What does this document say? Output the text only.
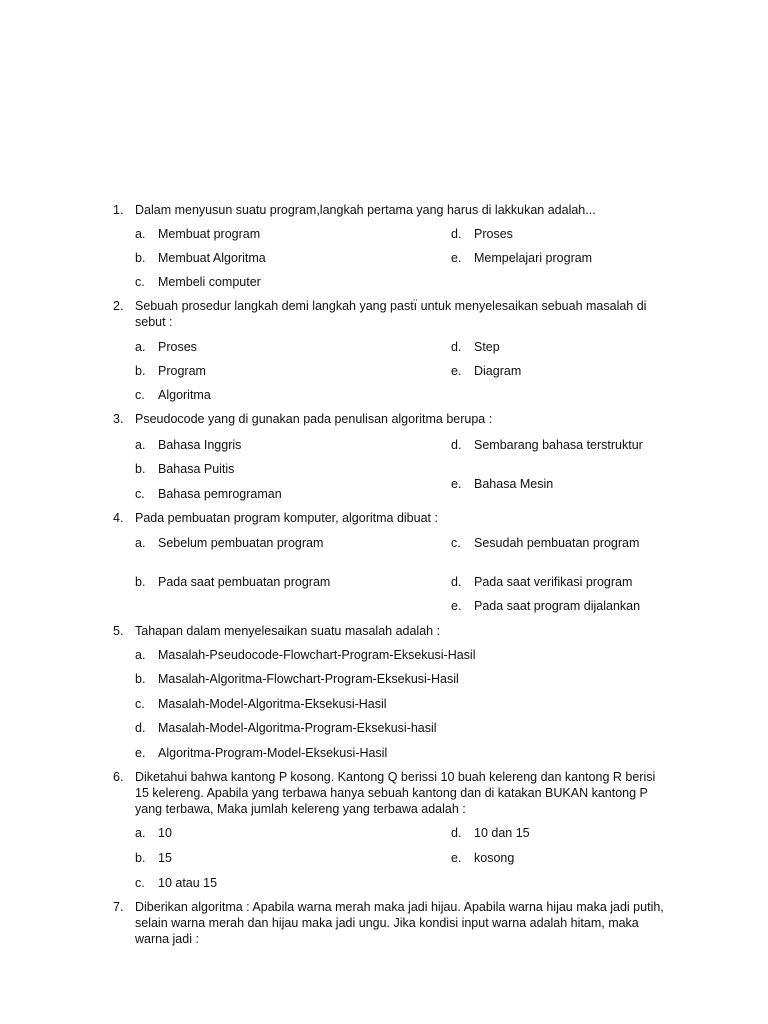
1. Dalam menyusun suatu program,langkah pertama yang harus di lakkukan adalah...
a.	Membuat program
b.	Membuat Algoritma
c.	Membeli computer
d.	Proses
e.	Mempelajari program
2. Sebuah prosedur langkah demi langkah yang pastı̈ untuk menyelesaikan sebuah masalah di sebut :
a.	Proses
b.	Program
c.	Algoritma
d.	Step
e.	Diagram
3. Pseudocode yang di gunakan pada penulisan algoritma berupa :
a.	Bahasa Inggris
b.	Bahasa Puitis
c.	Bahasa pemrograman
d.	Sembarang bahasa terstruktur
e.	Bahasa Mesin
4. Pada pembuatan program komputer, algoritma dibuat :
a.	Sebelum pembuatan program
b.	Pada saat pembuatan program
c.	Sesudah pembuatan program
d.	Pada saat verifikasi program
e.	Pada saat program dijalankan
5. Tahapan dalam menyelesaikan suatu masalah adalah :
a.	Masalah-Pseudocode-Flowchart-Program-Eksekusi-Hasil
b.	Masalah-Algoritma-Flowchart-Program-Eksekusi-Hasil
c.	Masalah-Model-Algoritma-Eksekusi-Hasil
d.	Masalah-Model-Algoritma-Program-Eksekusi-hasil
e.	Algoritma-Program-Model-Eksekusi-Hasil
6. Diketahui bahwa kantong P kosong. Kantong Q berissi 10 buah kelereng dan kantong R berisi 15 kelereng. Apabila yang terbawa hanya sebuah kantong dan di katakan BUKAN kantong P yang terbawa, Maka jumlah kelereng yang terbawa adalah :
a.	10
b.	15
c.	10 atau 15
d.	10 dan 15
e.	kosong
7. Diberikan algoritma : Apabila warna merah maka jadi hijau. Apabila warna hijau maka jadi putih, selain warna merah dan hijau maka jadi ungu. Jika kondisi input warna adalah hitam, maka warna jadi :
